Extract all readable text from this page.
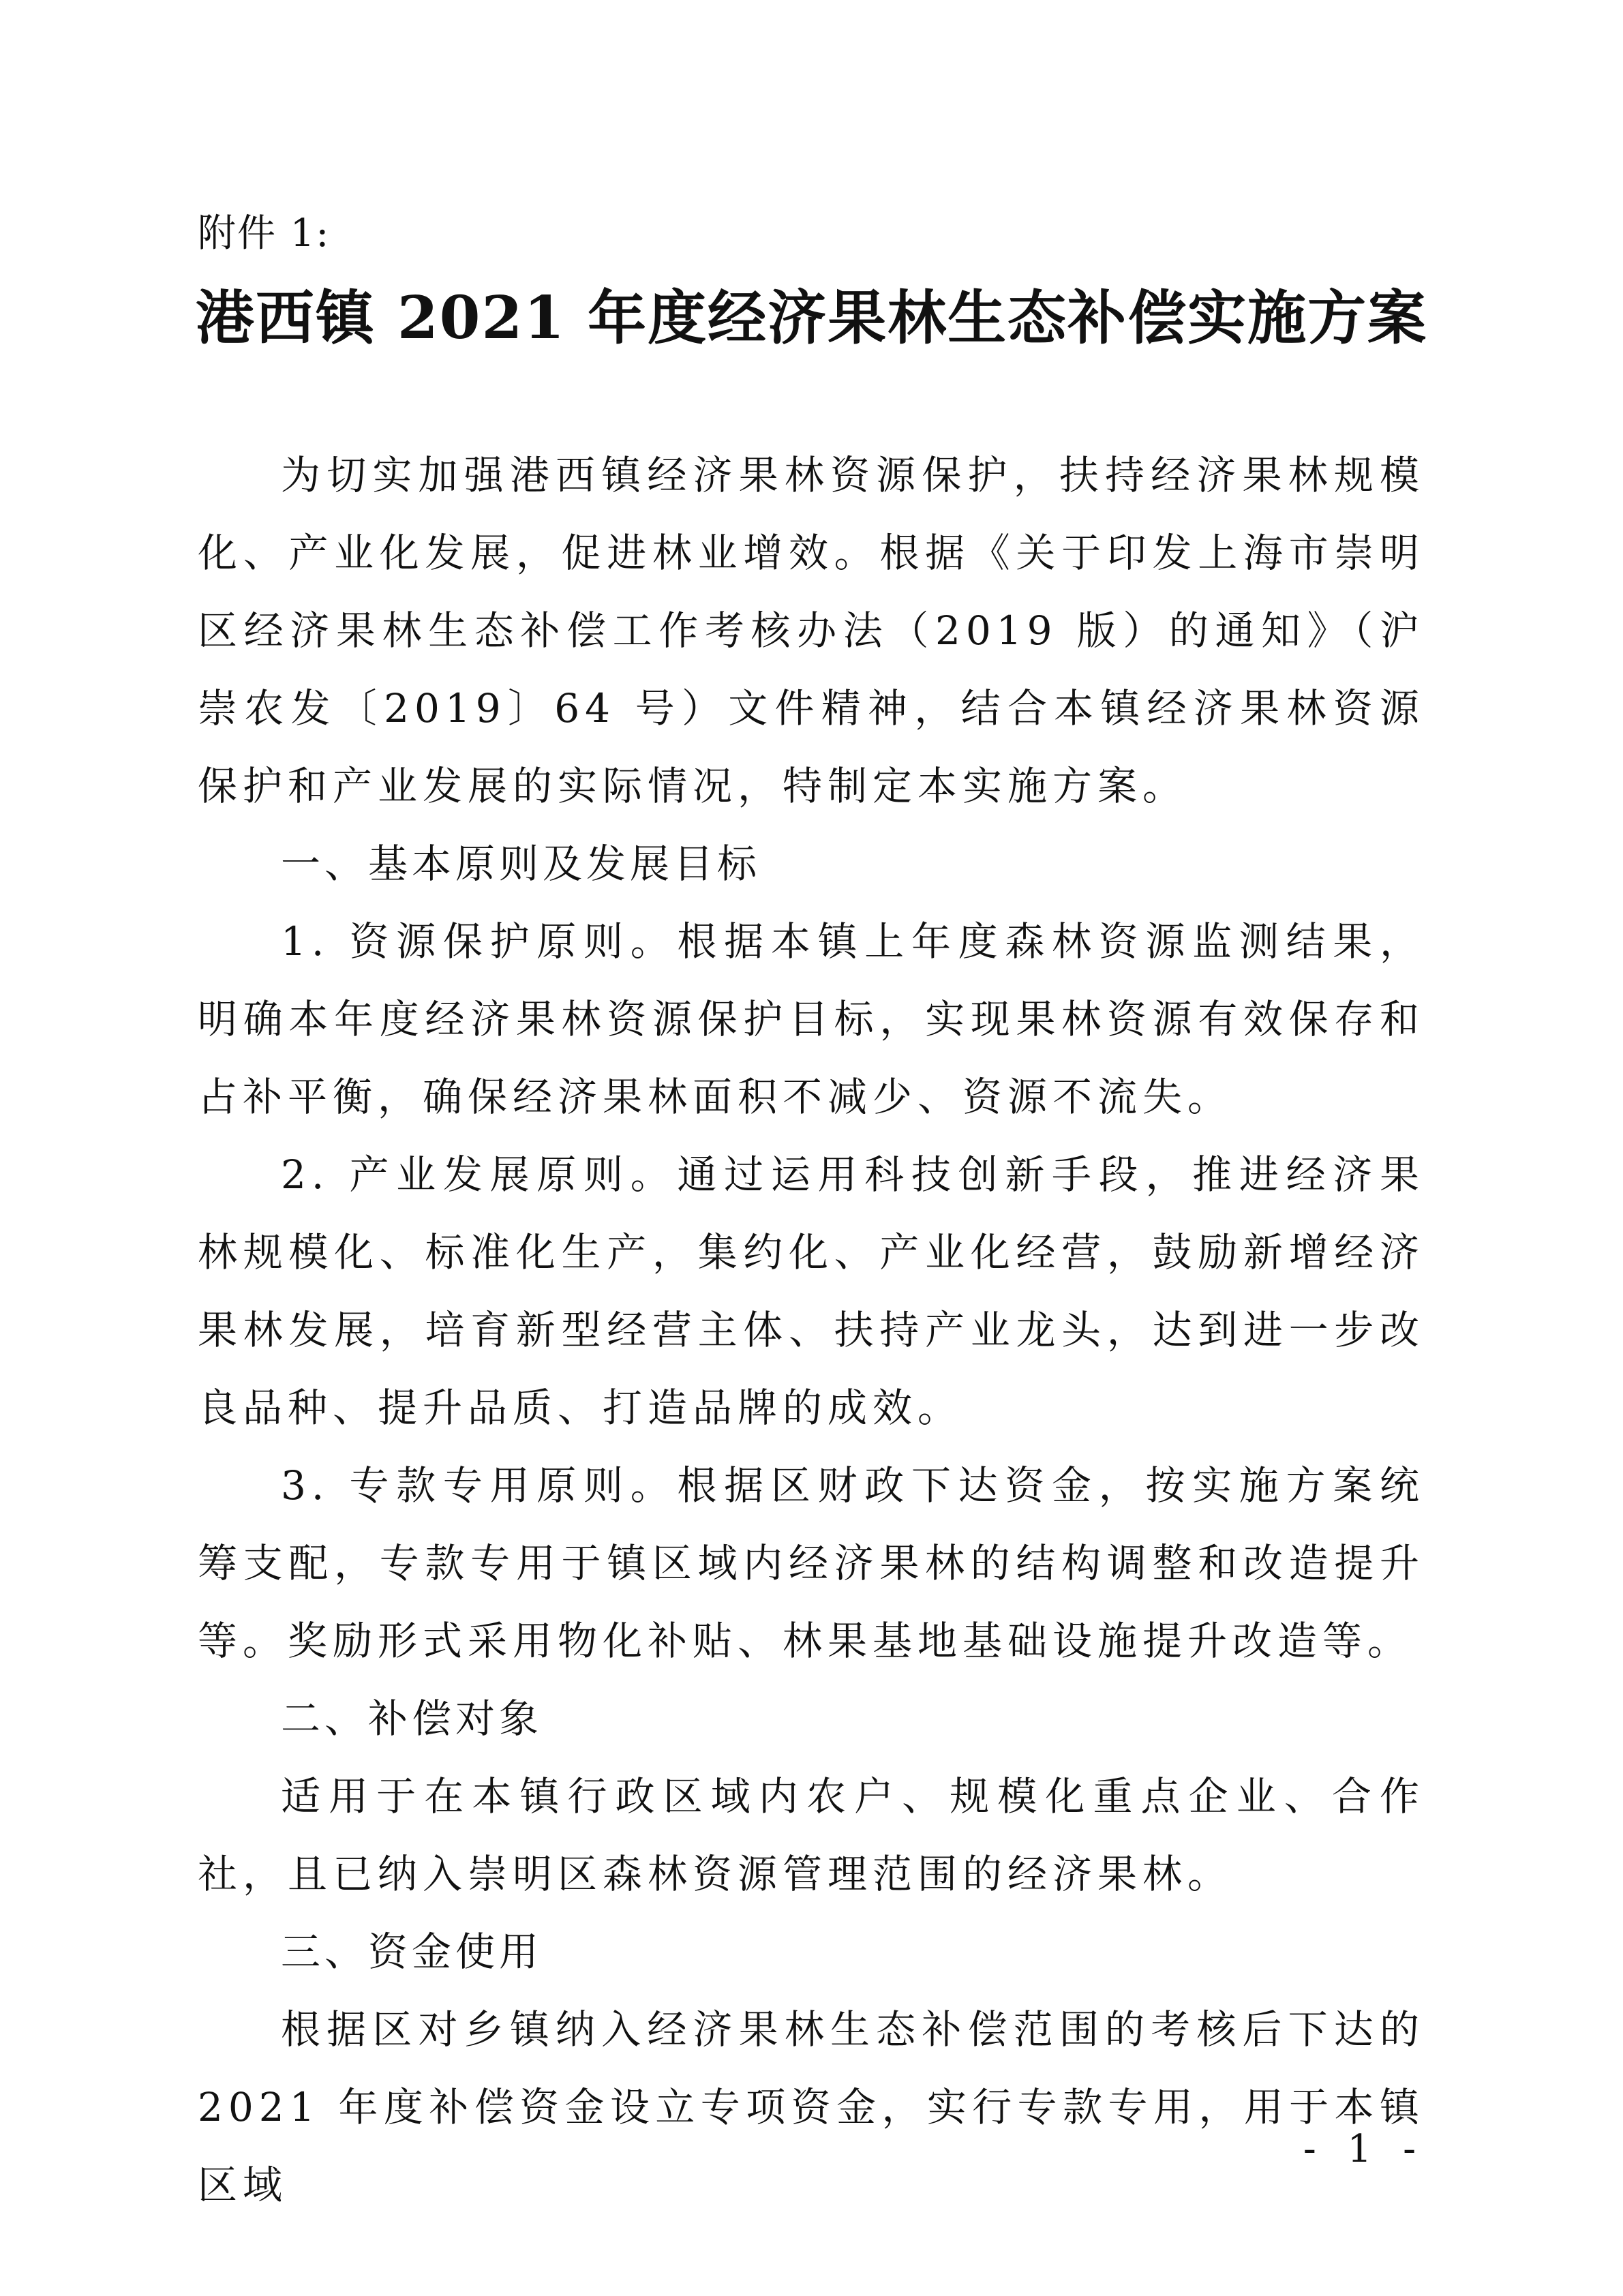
附件 1:
港西镇 2021 年度经济果林生态补偿实施方案

为切实加强港西镇经济果林资源保护，扶持经济果林规模化、产业化发展，促进林业增效。根据《关于印发上海市崇明区经济果林生态补偿工作考核办法（2019 版）的通知》（沪崇农发〔2019〕64 号）文件精神，结合本镇经济果林资源保护和产业发展的实际情况，特制定本实施方案。

一、基本原则及发展目标

1. 资源保护原则。根据本镇上年度森林资源监测结果，明确本年度经济果林资源保护目标，实现果林资源有效保存和占补平衡，确保经济果林面积不减少、资源不流失。

2. 产业发展原则。通过运用科技创新手段，推进经济果林规模化、标准化生产，集约化、产业化经营，鼓励新增经济果林发展，培育新型经营主体、扶持产业龙头，达到进一步改良品种、提升品质、打造品牌的成效。

3. 专款专用原则。根据区财政下达资金，按实施方案统筹支配，专款专用于镇区域内经济果林的结构调整和改造提升等。奖励形式采用物化补贴、林果基地基础设施提升改造等。

二、补偿对象

适用于在本镇行政区域内农户、规模化重点企业、合作社，且已纳入崇明区森林资源管理范围的经济果林。

三、资金使用

根据区对乡镇纳入经济果林生态补偿范围的考核后下达的 2021 年度补偿资金设立专项资金，实行专款专用，用于本镇区域

- 1 -
